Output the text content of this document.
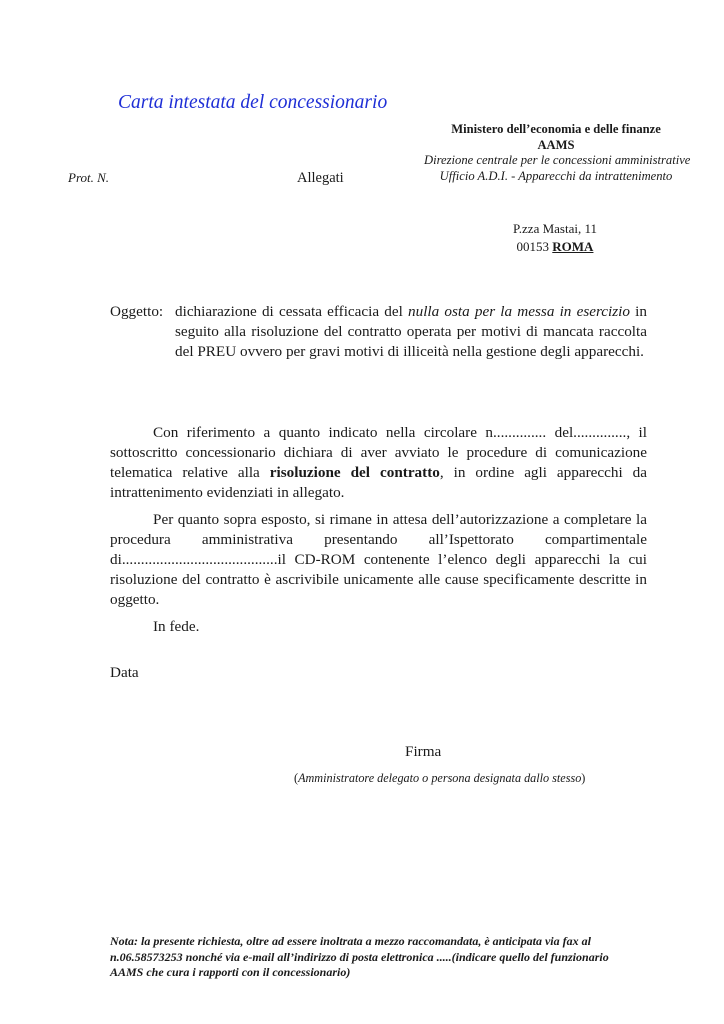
Carta intestata del concessionario
Ministero dell’economia e delle finanze
AAMS
Direzione centrale per le concessioni amministrative
Ufficio A.D.I. - Apparecchi da intrattenimento
Prot. N.	Allegati
P.zza Mastai, 11
00153 ROMA
Oggetto: dichiarazione di cessata efficacia del nulla osta per la messa in esercizio in seguito alla risoluzione del contratto operata per motivi di mancata raccolta del PREU ovvero per gravi motivi di illiceità nella gestione degli apparecchi.

Con riferimento a quanto indicato nella circolare n.............. del.............., il sottoscritto concessionario dichiara di aver avviato le procedure di comunicazione telematica relative alla risoluzione del contratto, in ordine agli apparecchi da intrattenimento evidenziati in allegato.

Per quanto sopra esposto, si rimane in attesa dell’autorizzazione a completare la procedura amministrativa presentando all’Ispettorato compartimentale di.........................................il CD-ROM contenente l’elenco degli apparecchi la cui risoluzione del contratto è ascrivibile unicamente alle cause specificamente descritte in oggetto.

In fede.

Data
Firma
(Amministratore delegato o persona designata dallo stesso)
Nota: la presente richiesta, oltre ad essere inoltrata a mezzo raccomandata, è anticipata via fax al n.06.58573253 nonché via e-mail all’indirizzo di posta elettronica .....(indicare quello del funzionario AAMS che cura i rapporti con il concessionario)
